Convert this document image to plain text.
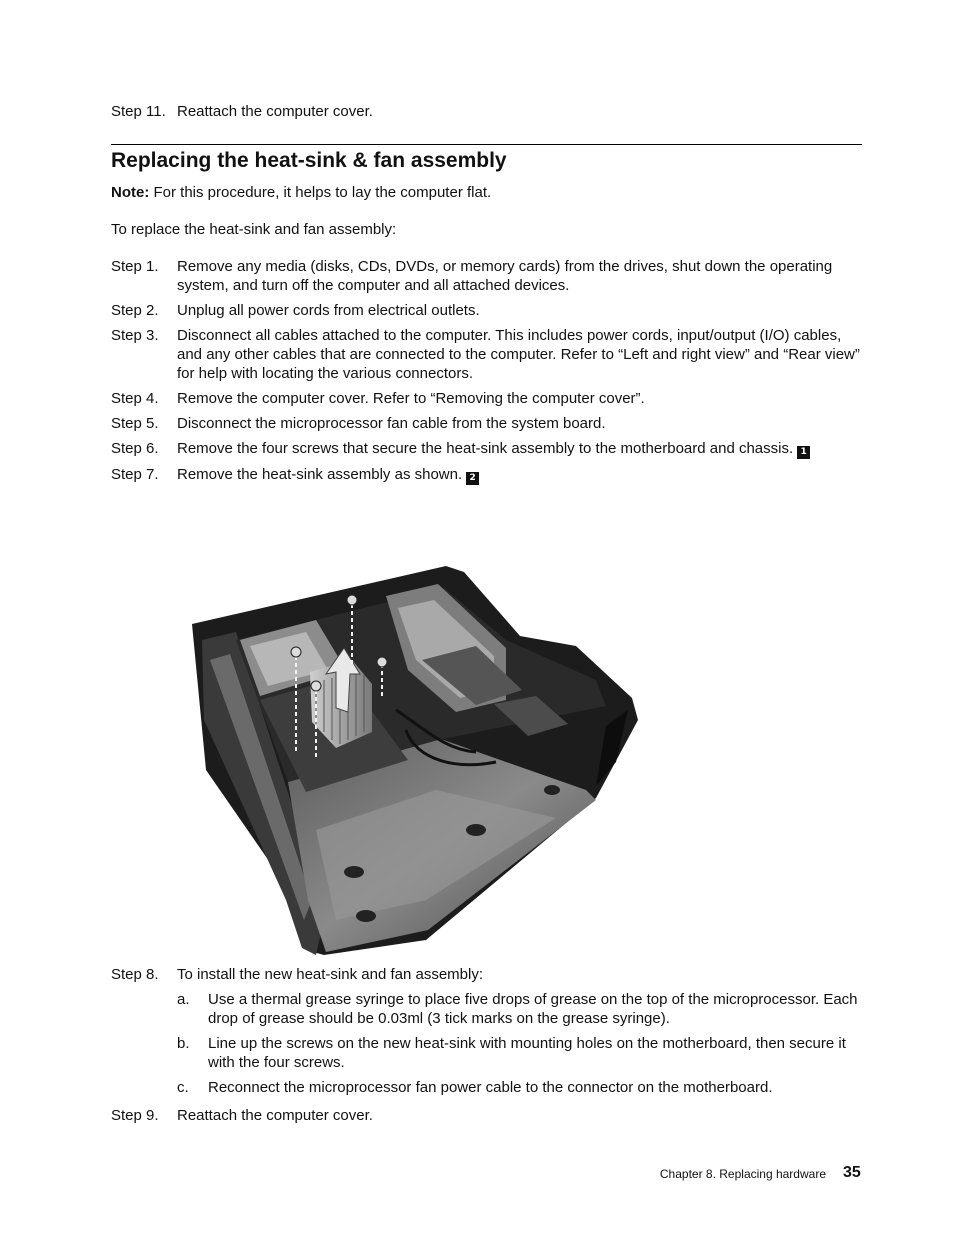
Step 11. Reattach the computer cover.
Replacing the heat-sink & fan assembly
Note: For this procedure, it helps to lay the computer flat.
To replace the heat-sink and fan assembly:
Step 1. Remove any media (disks, CDs, DVDs, or memory cards) from the drives, shut down the operating system, and turn off the computer and all attached devices.
Step 2. Unplug all power cords from electrical outlets.
Step 3. Disconnect all cables attached to the computer. This includes power cords, input/output (I/O) cables, and any other cables that are connected to the computer. Refer to “Left and right view” and “Rear view” for help with locating the various connectors.
Step 4. Remove the computer cover. Refer to “Removing the computer cover”.
Step 5. Disconnect the microprocessor fan cable from the system board.
Step 6. Remove the four screws that secure the heat-sink assembly to the motherboard and chassis. 1
Step 7. Remove the heat-sink assembly as shown. 2
Step 8. To install the new heat-sink and fan assembly:
a. Use a thermal grease syringe to place five drops of grease on the top of the microprocessor. Each drop of grease should be 0.03ml (3 tick marks on the grease syringe).
b. Line up the screws on the new heat-sink with mounting holes on the motherboard, then secure it with the four screws.
c. Reconnect the microprocessor fan power cable to the connector on the motherboard.
Step 9. Reattach the computer cover.
Chapter 8. Replacing hardware 35
